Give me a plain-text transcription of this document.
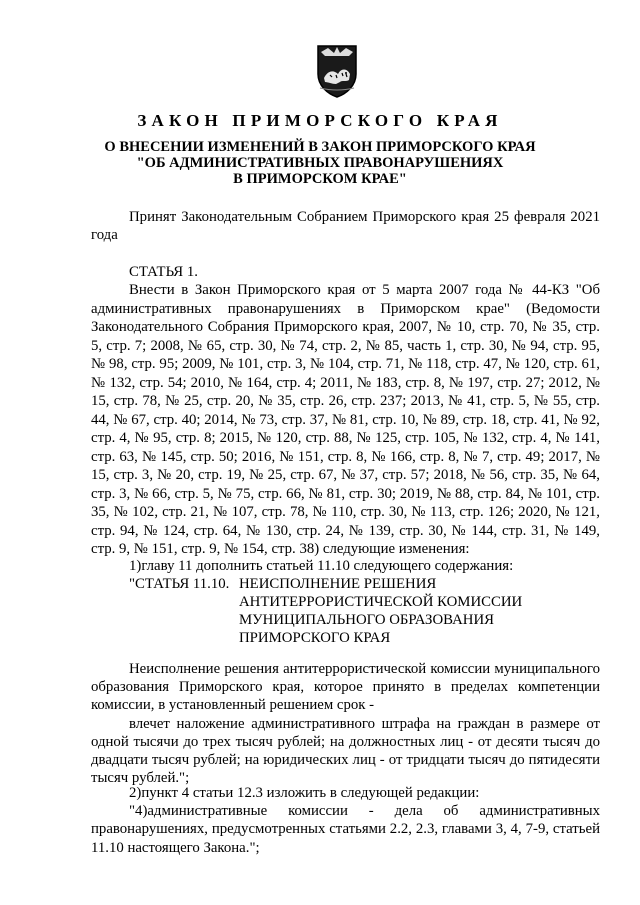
ЗАКОН ПРИМОРСКОГО КРАЯ
О ВНЕСЕНИИ ИЗМЕНЕНИЙ В ЗАКОН ПРИМОРСКОГО КРАЯ
"ОБ АДМИНИСТРАТИВНЫХ ПРАВОНАРУШЕНИЯХ
В ПРИМОРСКОМ КРАЕ"
Принят Законодательным Собранием Приморского края 25 февраля 2021 года
СТАТЬЯ 1.

Внести в Закон Приморского края от 5 марта 2007 года № 44-КЗ "Об административных правонарушениях в Приморском крае" (Ведомости Законодательного Собрания Приморского края, 2007, № 10, стр. 70, № 35, стр. 5, стр. 7; 2008, № 65, стр. 30, № 74, стр. 2, № 85, часть 1, стр. 30, № 94, стр. 95, № 98, стр. 95; 2009, № 101, стр. 3, № 104, стр. 71, № 118, стр. 47, № 120, стр. 61, № 132, стр. 54; 2010, № 164, стр. 4; 2011, № 183, стр. 8, № 197, стр. 27; 2012, № 15, стр. 78, № 25, стр. 20, № 35, стр. 26, стр. 237; 2013, № 41, стр. 5, № 55, стр. 44, № 67, стр. 40; 2014, № 73, стр. 37, № 81, стр. 10, № 89, стр. 18, стр. 41, № 92, стр. 4, № 95, стр. 8; 2015, № 120, стр. 88, № 125, стр. 105, № 132, стр. 4, № 141, стр. 63, № 145, стр. 50; 2016, № 151, стр. 8, № 166, стр. 8, № 7, стр. 49; 2017, № 15, стр. 3, № 20, стр. 19, № 25, стр. 67, № 37, стр. 57; 2018, № 56, стр. 35, № 64, стр. 3, № 66, стр. 5, № 75, стр. 66, № 81, стр. 30; 2019, № 88, стр. 84, № 101, стр. 35, № 102, стр. 21, № 107, стр. 78, № 110, стр. 30, № 113, стр. 126; 2020, № 121, стр. 94, № 124, стр. 64, № 130, стр. 24, № 139, стр. 30, № 144, стр. 31, № 149, стр. 9, № 151, стр. 9, № 154, стр. 38) следующие изменения:

1)главу 11 дополнить статьей 11.10 следующего содержания:
"СТАТЬЯ 11.10. НЕИСПОЛНЕНИЕ РЕШЕНИЯ
АНТИТЕРРОРИСТИЧЕСКОЙ КОМИССИИ
МУНИЦИПАЛЬНОГО ОБРАЗОВАНИЯ
ПРИМОРСКОГО КРАЯ

Неисполнение решения антитеррористической комиссии муниципального образования Приморского края, которое принято в пределах компетенции комиссии, в установленный решением срок -

влечет наложение административного штрафа на граждан в размере от одной тысячи до трех тысяч рублей; на должностных лиц - от десяти тысяч до двадцати тысяч рублей; на юридических лиц - от тридцати тысяч до пятидесяти тысяч рублей.";

2)пункт 4 статьи 12.3 изложить в следующей редакции:

"4)административные комиссии - дела об административных правонарушениях, предусмотренных статьями 2.2, 2.3, главами 3, 4, 7-9, статьей 11.10 настоящего Закона.";
